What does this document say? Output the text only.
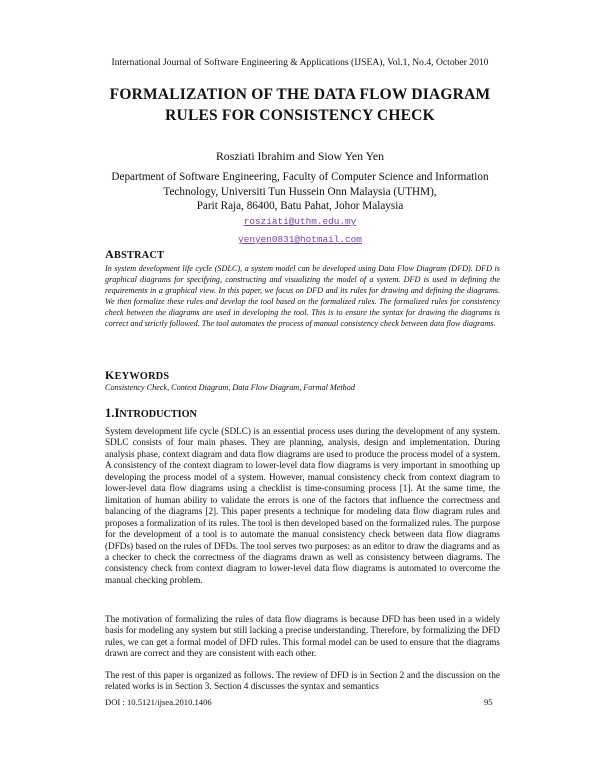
International Journal of Software Engineering & Applications (IJSEA), Vol.1, No.4, October 2010
FORMALIZATION OF THE DATA FLOW DIAGRAM
RULES FOR CONSISTENCY CHECK
Rosziati Ibrahim and Siow Yen Yen
Department of Software Engineering, Faculty of Computer Science and Information
Technology, Universiti Tun Hussein Onn Malaysia (UTHM),
Parit Raja, 86400, Batu Pahat, Johor Malaysia
rosziati@uthm.edu.my
yenyen0831@hotmail.com
ABSTRACT
In system development life cycle (SDLC), a system model can be developed using Data Flow Diagram (DFD). DFD is graphical diagrams for specifying, constructing and visualizing the model of a system. DFD is used in defining the requirements in a graphical view. In this paper, we focus on DFD and its rules for drawing and defining the diagrams. We then formalize these rules and develop the tool based on the formalized rules. The formalized rules for consistency check between the diagrams are used in developing the tool. This is to ensure the syntax for drawing the diagrams is correct and strictly followed. The tool automates the process of manual consistency check between data flow diagrams.
KEYWORDS
Consistency Check, Context Diagram, Data Flow Diagram, Formal Method
1.INTRODUCTION
System development life cycle (SDLC) is an essential process uses during the development of any system. SDLC consists of four main phases. They are planning, analysis, design and implementation. During analysis phase, context diagram and data flow diagrams are used to produce the process model of a system. A consistency of the context diagram to lower-level data flow diagrams is very important in smoothing up developing the process model of a system. However, manual consistency check from context diagram to lower-level data flow diagrams using a checklist is time-consuming process [1]. At the same time, the limitation of human ability to validate the errors is one of the factors that influence the correctness and balancing of the diagrams [2]. This paper presents a technique for modeling data flow diagram rules and proposes a formalization of its rules. The tool is then developed based on the formalized rules. The purpose for the development of a tool is to automate the manual consistency check between data flow diagrams (DFDs) based on the rules of DFDs. The tool serves two purposes: as an editor to draw the diagrams and as a checker to check the correctness of the diagrams drawn as well as consistency between diagrams. The consistency check from context diagram to lower-level data flow diagrams is automated to overcome the manual checking problem.
The motivation of formalizing the rules of data flow diagrams is because DFD has been used in a widely basis for modeling any system but still lacking a precise understanding. Therefore, by formalizing the DFD rules, we can get a formal model of DFD rules. This formal model can be used to ensure that the diagrams drawn are correct and they are consistent with each other.
The rest of this paper is organized as follows. The review of DFD is in Section 2 and the discussion on the related works is in Section 3. Section 4 discusses the syntax and semantics
DOI : 10.5121/ijsea.2010.1406	95
